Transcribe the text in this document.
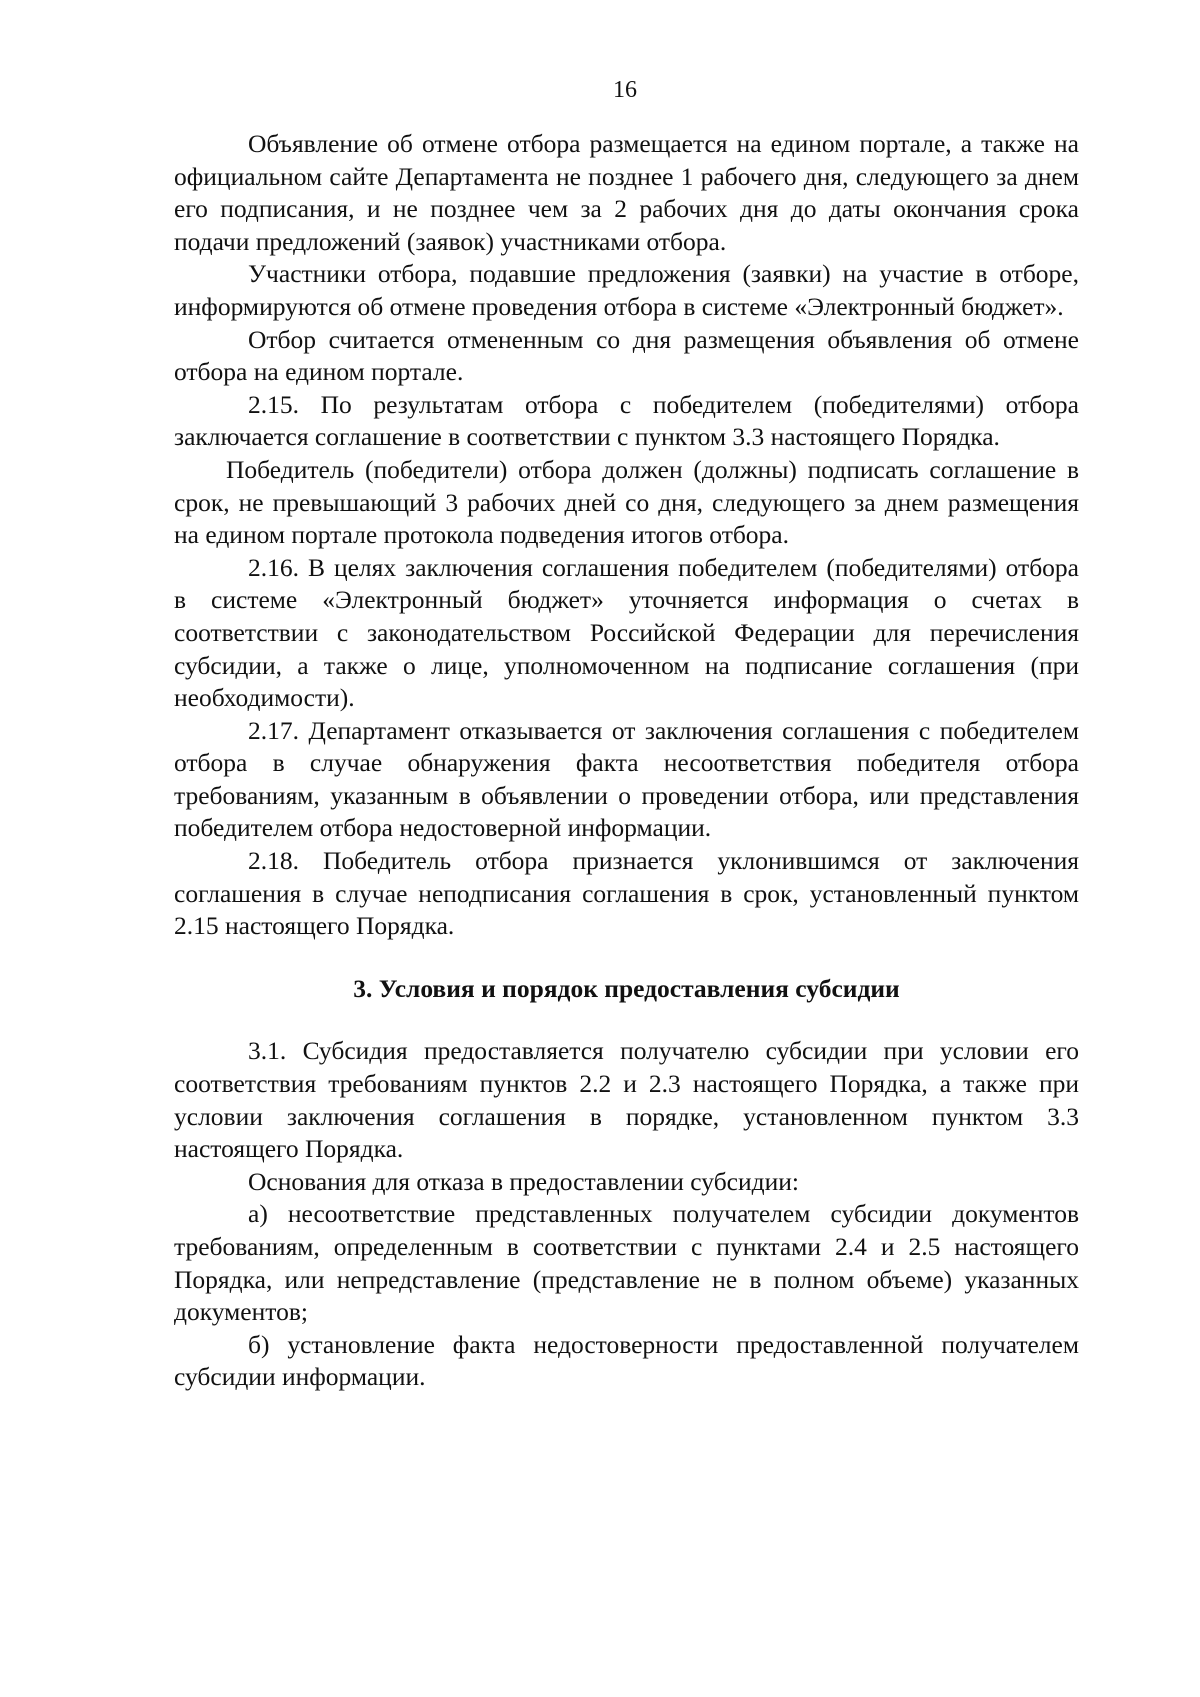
16

Объявление об отмене отбора размещается на едином портале, а также на официальном сайте Департамента не позднее 1 рабочего дня, следующего за днем его подписания, и не позднее чем за 2 рабочих дня до даты окончания срока подачи предложений (заявок) участниками отбора.

Участники отбора, подавшие предложения (заявки) на участие в отборе, информируются об отмене проведения отбора в системе «Электронный бюджет».

Отбор считается отмененным со дня размещения объявления об отмене отбора на едином портале.

2.15. По результатам отбора с победителем (победителями) отбора заключается соглашение в соответствии с пунктом 3.3 настоящего Порядка.

Победитель (победители) отбора должен (должны) подписать соглашение в срок, не превышающий 3 рабочих дней со дня, следующего за днем размещения на едином портале протокола подведения итогов отбора.

2.16. В целях заключения соглашения победителем (победителями) отбора в системе «Электронный бюджет» уточняется информация о счетах в соответствии с законодательством Российской Федерации для перечисления субсидии, а также о лице, уполномоченном на подписание соглашения (при необходимости).

2.17. Департамент отказывается от заключения соглашения с победителем отбора в случае обнаружения факта несоответствия победителя отбора требованиям, указанным в объявлении о проведении отбора, или представления победителем отбора недостоверной информации.

2.18. Победитель отбора признается уклонившимся от заключения соглашения в случае неподписания соглашения в срок, установленный пунктом 2.15 настоящего Порядка.

3. Условия и порядок предоставления субсидии

3.1. Субсидия предоставляется получателю субсидии при условии его соответствия требованиям пунктов 2.2 и 2.3 настоящего Порядка, а также при условии заключения соглашения в порядке, установленном пунктом 3.3 настоящего Порядка.

Основания для отказа в предоставлении субсидии:

а) несоответствие представленных получателем субсидии документов требованиям, определенным в соответствии с пунктами 2.4 и 2.5 настоящего Порядка, или непредставление (представление не в полном объеме) указанных документов;

б) установление факта недостоверности предоставленной получателем субсидии информации.
